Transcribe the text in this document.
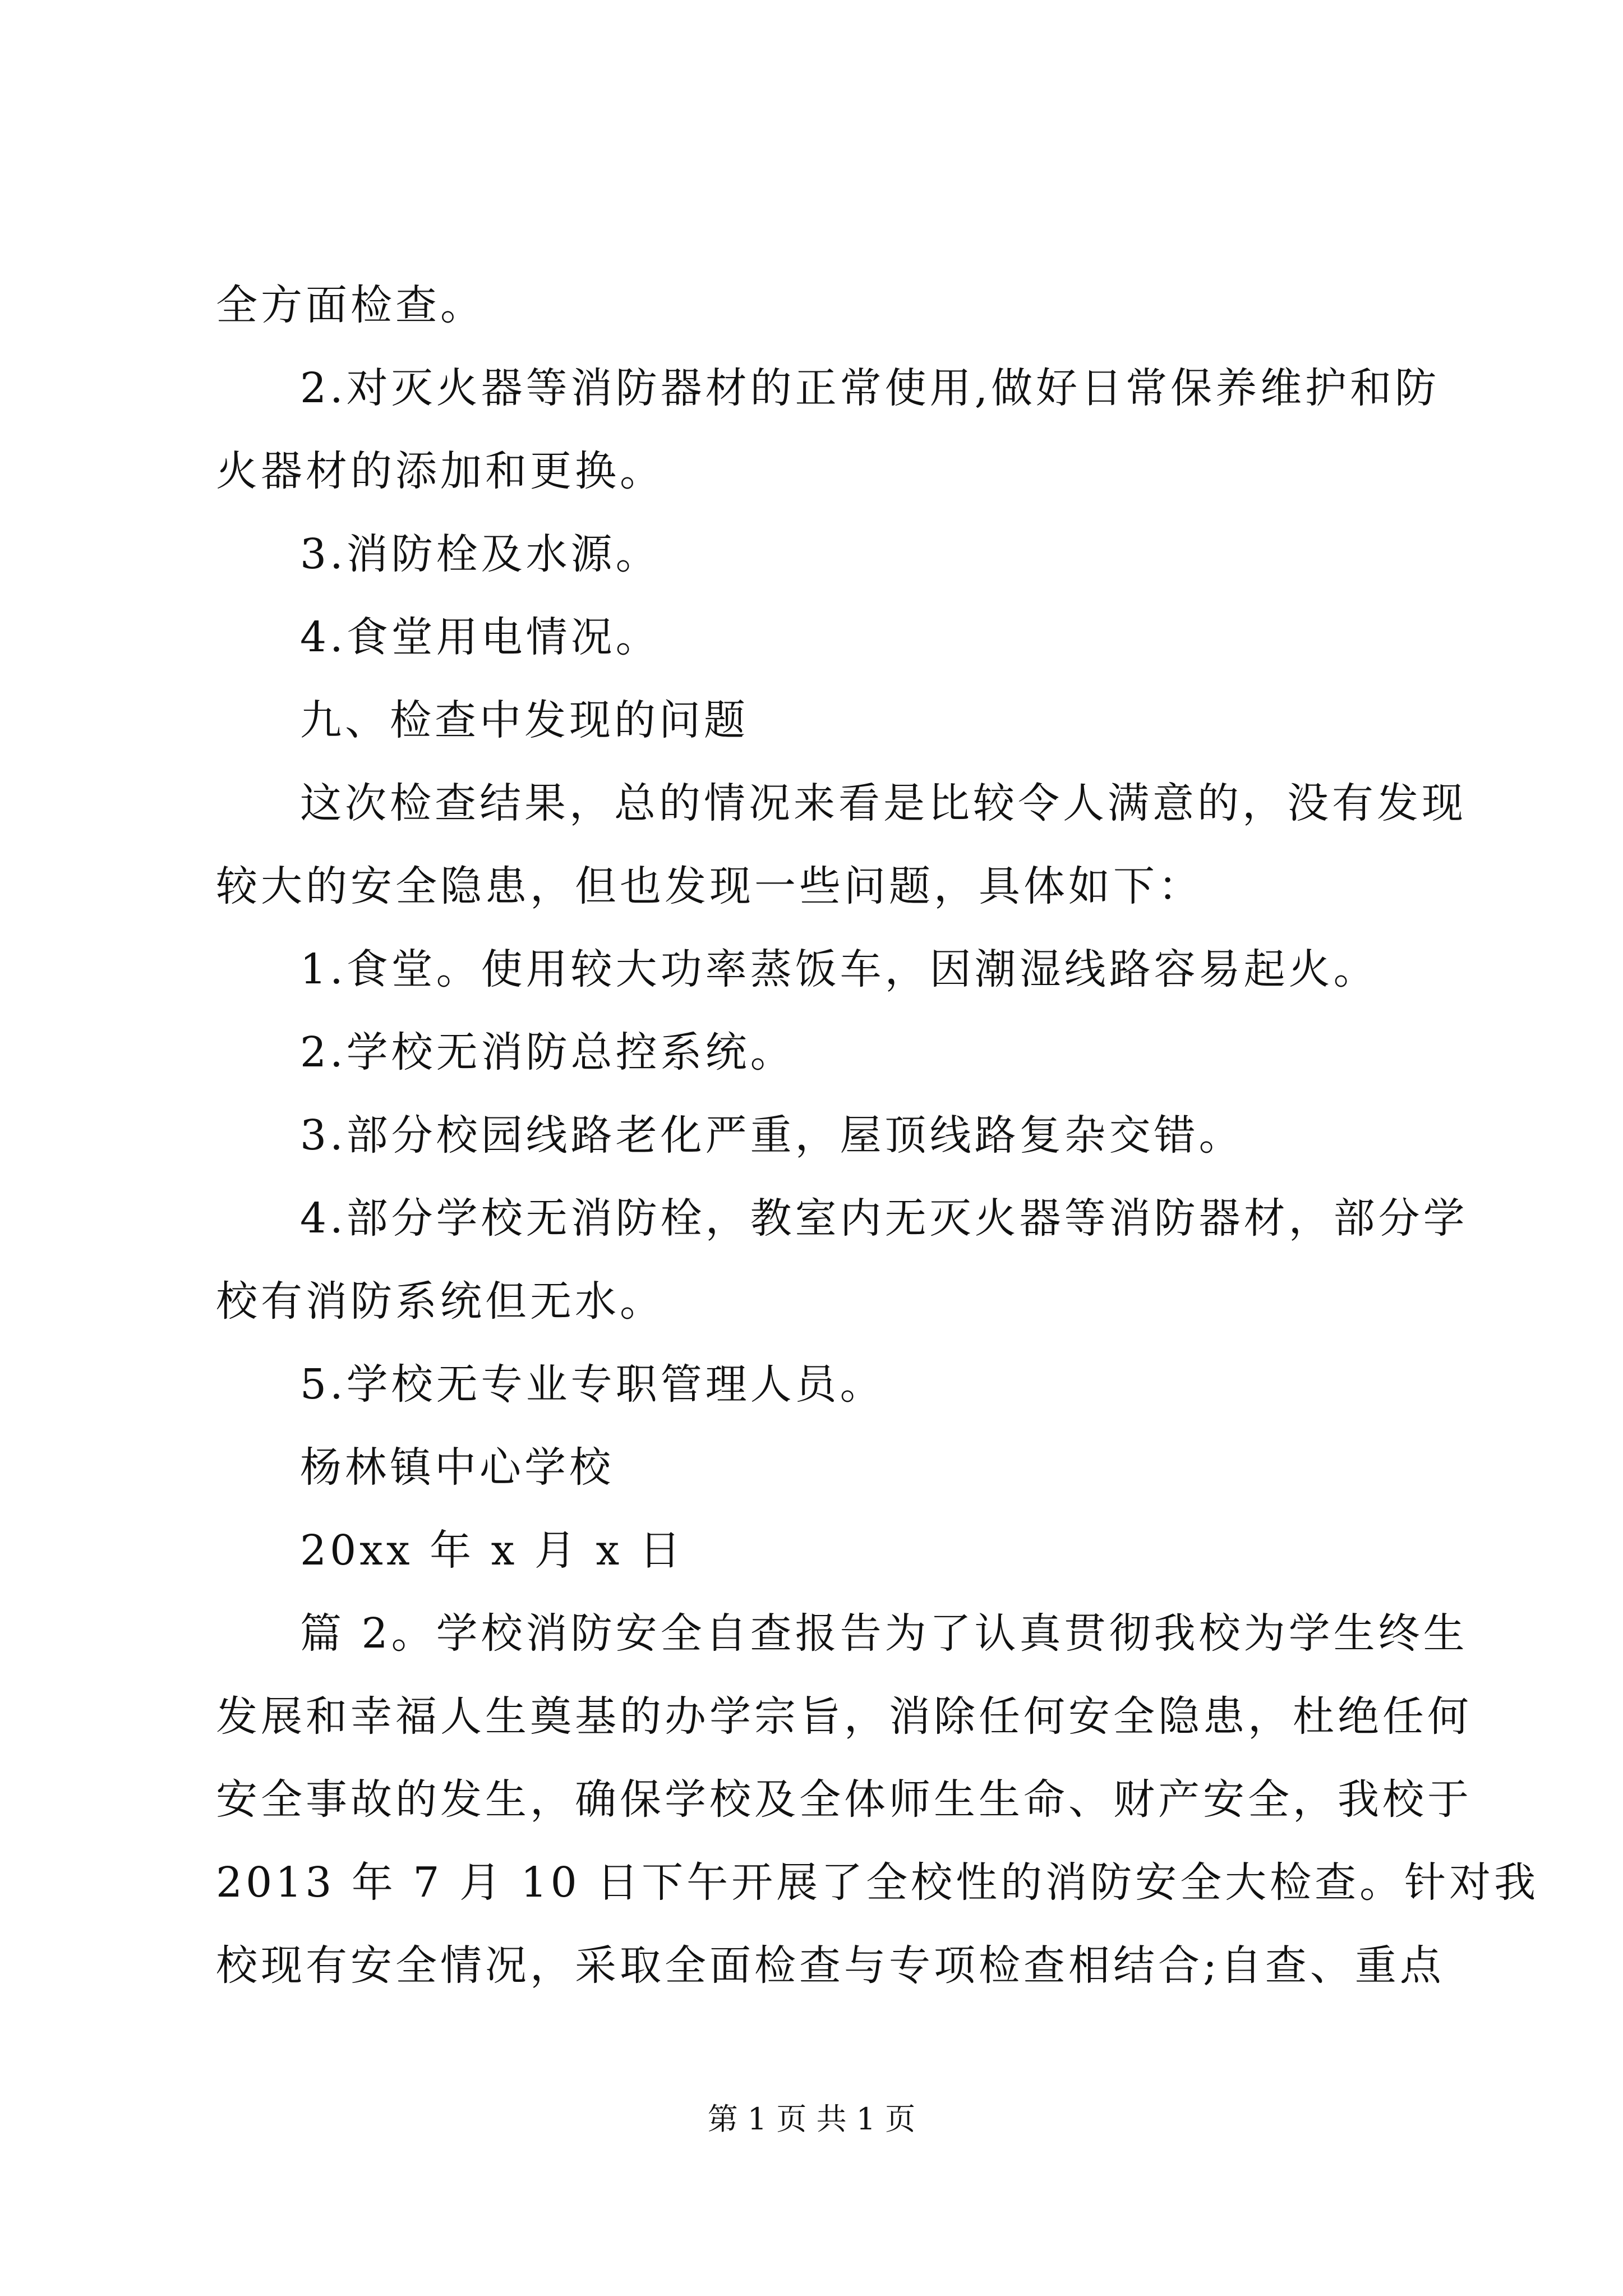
全方面检查。
2.对灭火器等消防器材的正常使用,做好日常保养维护和防
火器材的添加和更换。
3.消防栓及水源。
4.食堂用电情况。
九、检查中发现的问题
这次检查结果，总的情况来看是比较令人满意的，没有发现
较大的安全隐患，但也发现一些问题，具体如下：
1.食堂。使用较大功率蒸饭车，因潮湿线路容易起火。
2.学校无消防总控系统。
3.部分校园线路老化严重，屋顶线路复杂交错。
4.部分学校无消防栓，教室内无灭火器等消防器材，部分学
校有消防系统但无水。
5.学校无专业专职管理人员。
杨林镇中心学校
20xx 年 x 月 x 日
篇 2。学校消防安全自查报告为了认真贯彻我校为学生终生
发展和幸福人生奠基的办学宗旨，消除任何安全隐患，杜绝任何
安全事故的发生，确保学校及全体师生生命、财产安全，我校于
2013 年 7 月 10 日下午开展了全校性的消防安全大检查。针对我
校现有安全情况，采取全面检查与专项检查相结合;自查、重点
第 1 页 共 1 页
